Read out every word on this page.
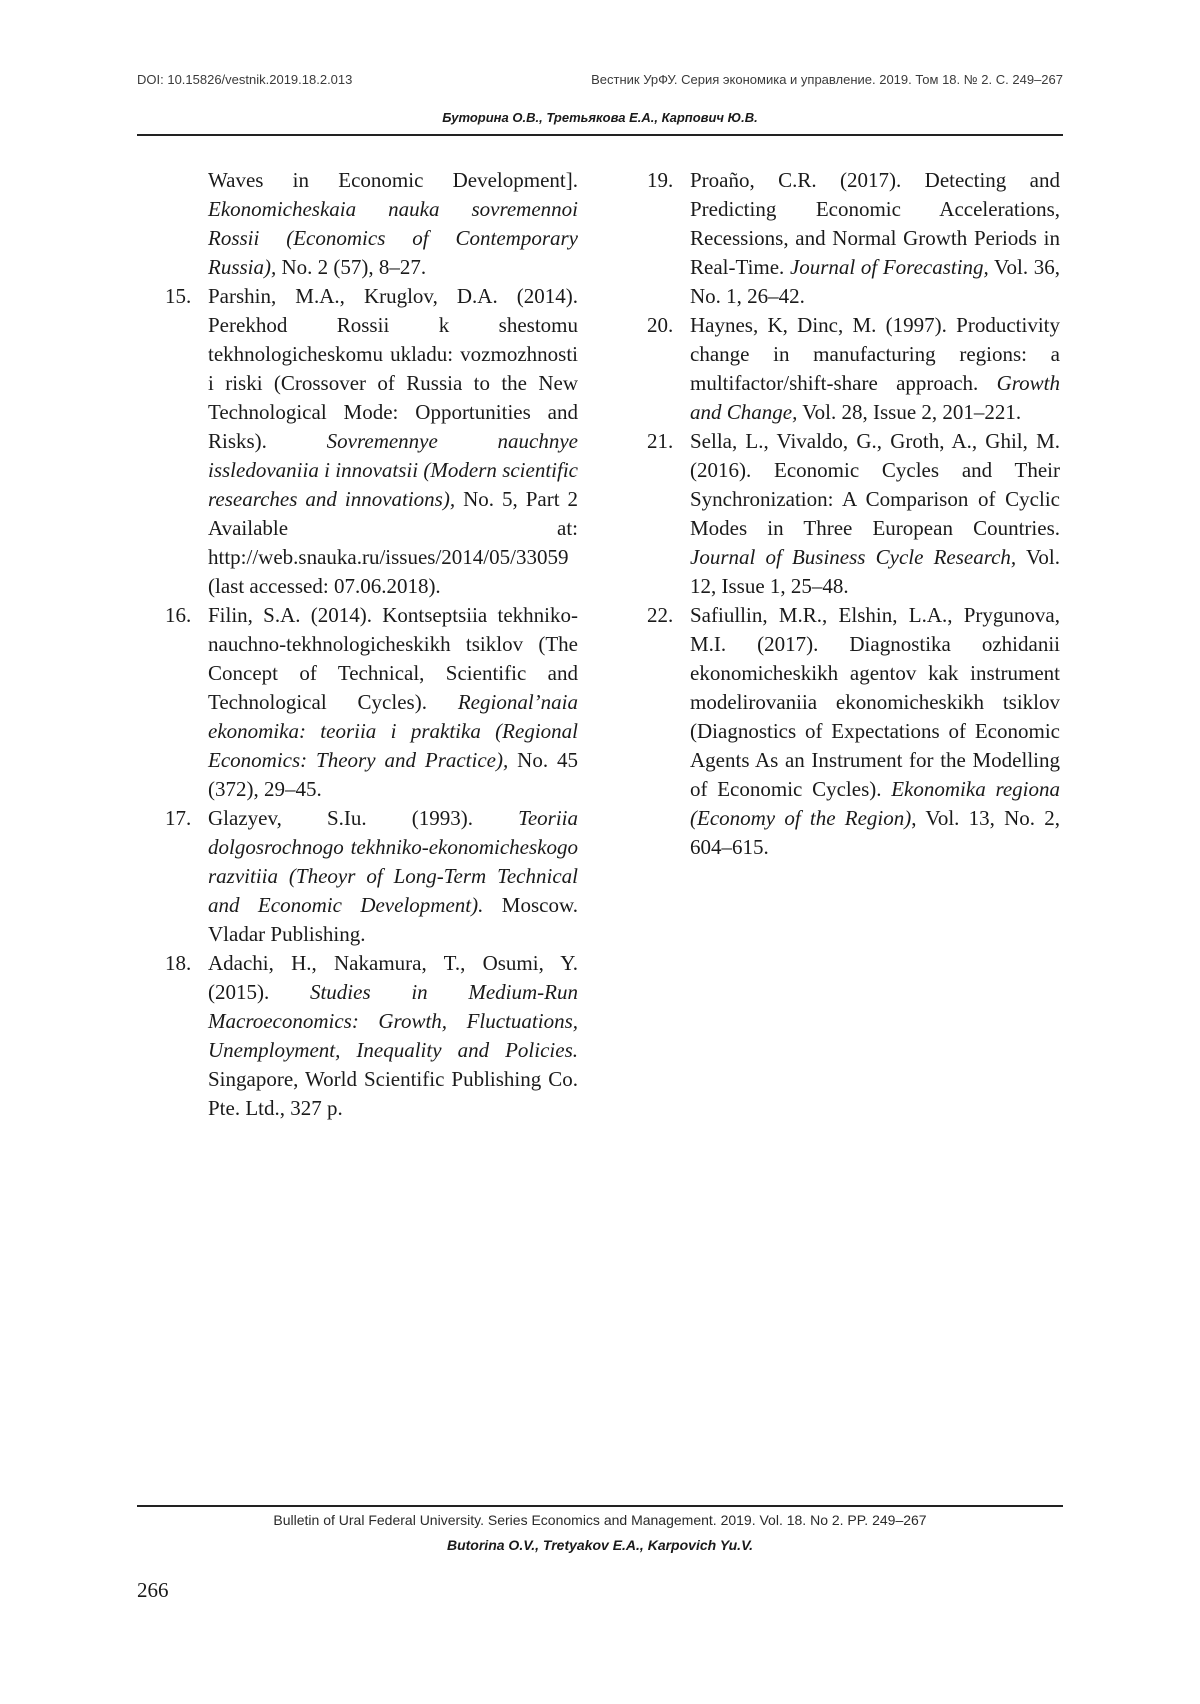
DOI: 10.15826/vestnik.2019.18.2.013	Вестник УрФУ. Серия экономика и управление. 2019. Том 18. № 2. С. 249–267
Буторина О.В., Третьякова Е.А., Карпович Ю.В.
Waves in Economic Development]. Ekonomicheskaia nauka sovremennoi Rossii (Economics of Contemporary Russia), No. 2 (57), 8–27.
15. Parshin, M.A., Kruglov, D.A. (2014). Perekhod Rossii k shestomu tekhnologicheskomu ukladu: vozmozhnosti i riski (Crossover of Russia to the New Technological Mode: Opportunities and Risks). Sovremennye nauchnye issledovaniia i innovatsii (Modern scientific researches and innovations), No. 5, Part 2 Available at: http://web.snauka.ru/issues/2014/05/33059 (last accessed: 07.06.2018).
16. Filin, S.A. (2014). Kontseptsiia tekhniko-nauchno-tekhnologicheskikh tsiklov (The Concept of Technical, Scientific and Technological Cycles). Regional’naia ekonomika: teoriia i praktika (Regional Economics: Theory and Practice), No. 45 (372), 29–45.
17. Glazyev, S.Iu. (1993). Teoriia dolgosrochnogo tekhniko-ekonomicheskogo razvitiia (Theoyr of Long-Term Technical and Economic Development). Moscow. Vladar Publishing.
18. Adachi, H., Nakamura, T., Osumi, Y. (2015). Studies in Medium-Run Macroeconomics: Growth, Fluctuations, Unemployment, Inequality and Policies. Singapore, World Scientific Publishing Co. Pte. Ltd., 327 p.
19. Proaño, C.R. (2017). Detecting and Predicting Economic Accelerations, Recessions, and Normal Growth Periods in Real-Time. Journal of Forecasting, Vol. 36, No. 1, 26–42.
20. Haynes, K, Dinc, M. (1997). Productivity change in manufacturing regions: a multifactor/shift-share approach. Growth and Change, Vol. 28, Issue 2, 201–221.
21. Sella, L., Vivaldo, G., Groth, A., Ghil, M. (2016). Economic Cycles and Their Synchronization: A Comparison of Cyclic Modes in Three European Countries. Journal of Business Cycle Research, Vol. 12, Issue 1, 25–48.
22. Safiullin, M.R., Elshin, L.A., Prygunova, M.I. (2017). Diagnostika ozhidanii ekonomicheskikh agentov kak instrument modelirovaniia ekonomicheskikh tsiklov (Diagnostics of Expectations of Economic Agents As an Instrument for the Modelling of Economic Cycles). Ekonomika regiona (Economy of the Region), Vol. 13, No. 2, 604–615.
Bulletin of Ural Federal University. Series Economics and Management. 2019. Vol. 18. No 2. PP. 249–267
Butorina O.V., Tretyakov E.A., Karpovich Yu.V.
266
